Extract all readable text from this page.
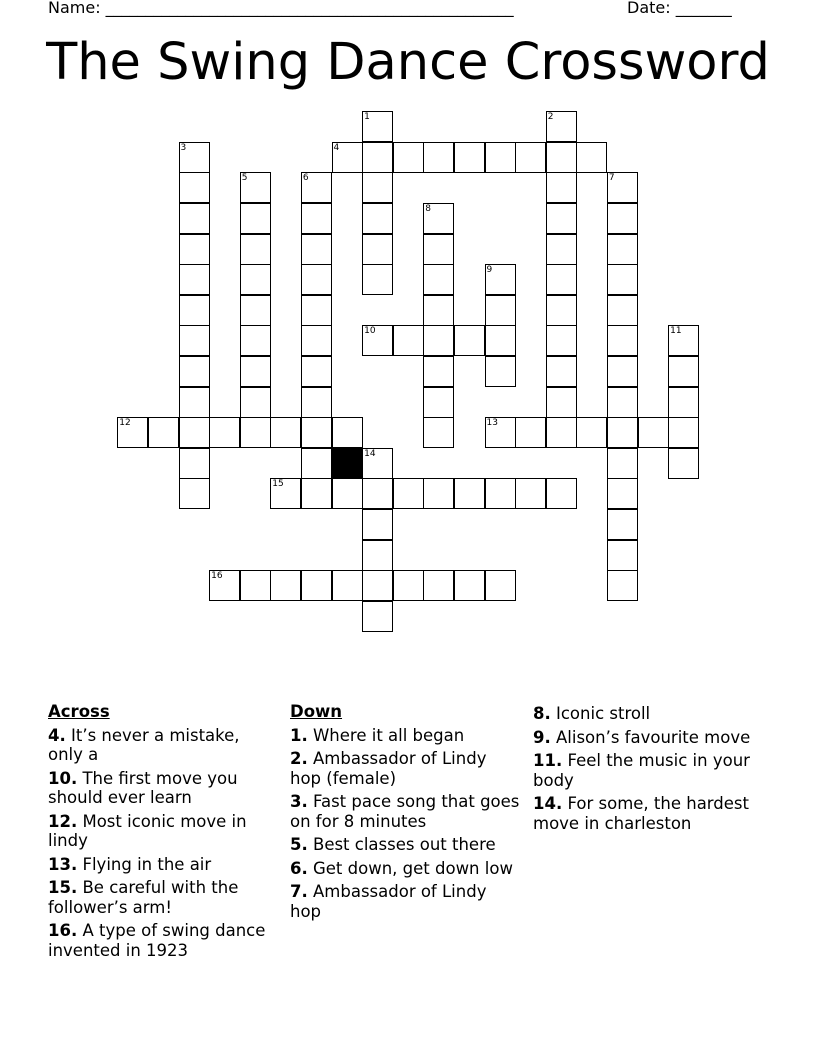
Name: ___________________________________________________	Date: _______
The Swing Dance Crossword
1	2
3
5	6	7
8
9
10	11
12	13
14
15
16
4
Across
4. It’s never a mistake, only a
10. The first move you should ever learn
12. Most iconic move in lindy
13. Flying in the air
15. Be careful with the follower’s arm!
16. A type of swing dance invented in 1923
Down
1. Where it all began
2. Ambassador of Lindy hop (female)
3. Fast pace song that goes on for 8 minutes
5. Best classes out there
6. Get down, get down low
7. Ambassador of Lindy hop
8. Iconic stroll
9. Alison’s favourite move
11. Feel the music in your body
14. For some, the hardest move in charleston
